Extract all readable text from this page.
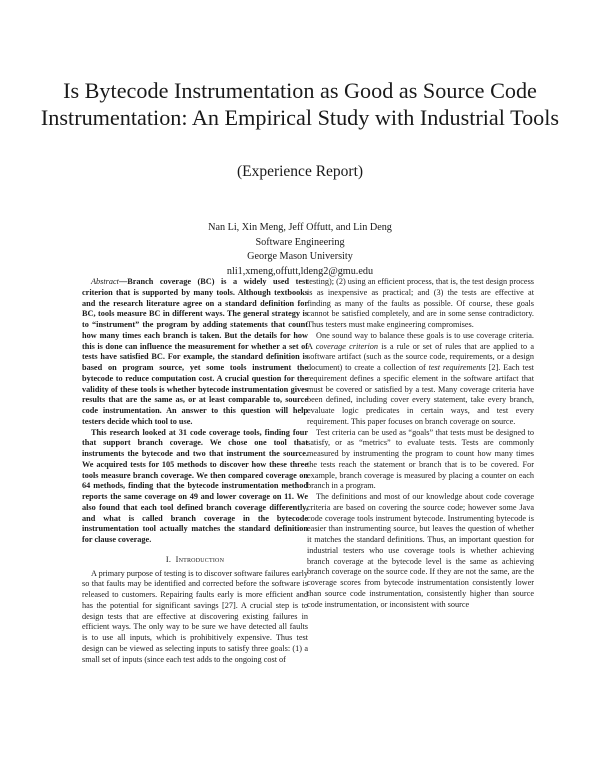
Is Bytecode Instrumentation as Good as Source Code Instrumentation: An Empirical Study with Industrial Tools
(Experience Report)
Nan Li, Xin Meng, Jeff Offutt, and Lin Deng
Software Engineering
George Mason University
nli1,xmeng,offutt,ldeng2@gmu.edu

Abstract—Branch coverage (BC) is a widely used test criterion that is supported by many tools. Although textbooks and the research literature agree on a standard definition for BC, tools measure BC in different ways. The general strategy is to “instrument” the program by adding statements that count how many times each branch is taken. But the details for how this is done can influence the measurement for whether a set of tests have satisfied BC. For example, the standard definition is based on program source, yet some tools instrument the bytecode to reduce computation cost. A crucial question for the validity of these tools is whether bytecode instrumentation gives results that are the same as, or at least comparable to, source code instrumentation. An answer to this question will help testers decide which tool to use.

This research looked at 31 code coverage tools, finding four that support branch coverage. We chose one tool that instruments the bytecode and two that instrument the source. We acquired tests for 105 methods to discover how these three tools measure branch coverage. We then compared coverage on 64 methods, finding that the bytecode instrumentation method reports the same coverage on 49 and lower coverage on 11. We also found that each tool defined branch coverage differently, and what is called branch coverage in the bytecode instrumentation tool actually matches the standard definition for clause coverage.

I. Introduction

A primary purpose of testing is to discover software failures early so that faults may be identified and corrected before the software is released to customers. Repairing faults early is more efficient and has the potential for significant savings [27]. A crucial step is to design tests that are effective at discovering existing failures in efficient ways. The only way to be sure we have detected all faults is to use all inputs, which is prohibitively expensive. Thus test design can be viewed as selecting inputs to satisfy three goals: (1) a small set of inputs (since each test adds to the ongoing cost of

testing); (2) using an efficient process, that is, the test design process is as inexpensive as practical; and (3) the tests are effective at finding as many of the faults as possible. Of course, these goals cannot be satisfied completely, and are in some sense contradictory. Thus testers must make engineering compromises.

One sound way to balance these goals is to use coverage criteria. A coverage criterion is a rule or set of rules that are applied to a software artifact (such as the source code, requirements, or a design document) to create a collection of test requirements [2]. Each test requirement defines a specific element in the software artifact that must be covered or satisfied by a test. Many coverage criteria have been defined, including cover every statement, take every branch, evaluate logic predicates in certain ways, and test every requirement. This paper focuses on branch coverage on source.

Test criteria can be used as “goals” that tests must be designed to satisfy, or as “metrics” to evaluate tests. Tests are commonly measured by instrumenting the program to count how many times the tests reach the statement or branch that is to be covered. For example, branch coverage is measured by placing a counter on each branch in a program.

The definitions and most of our knowledge about code coverage criteria are based on covering the source code; however some Java code coverage tools instrument bytecode. Instrumenting bytecode is easier than instrumenting source, but leaves the question of whether it matches the standard definitions. Thus, an important question for industrial testers who use coverage tools is whether achieving branch coverage at the bytecode level is the same as achieving branch coverage on the source code. If they are not the same, are the coverage scores from bytecode instrumentation consistently lower than source code instrumentation, consistently higher than source code instrumentation, or inconsistent with source
